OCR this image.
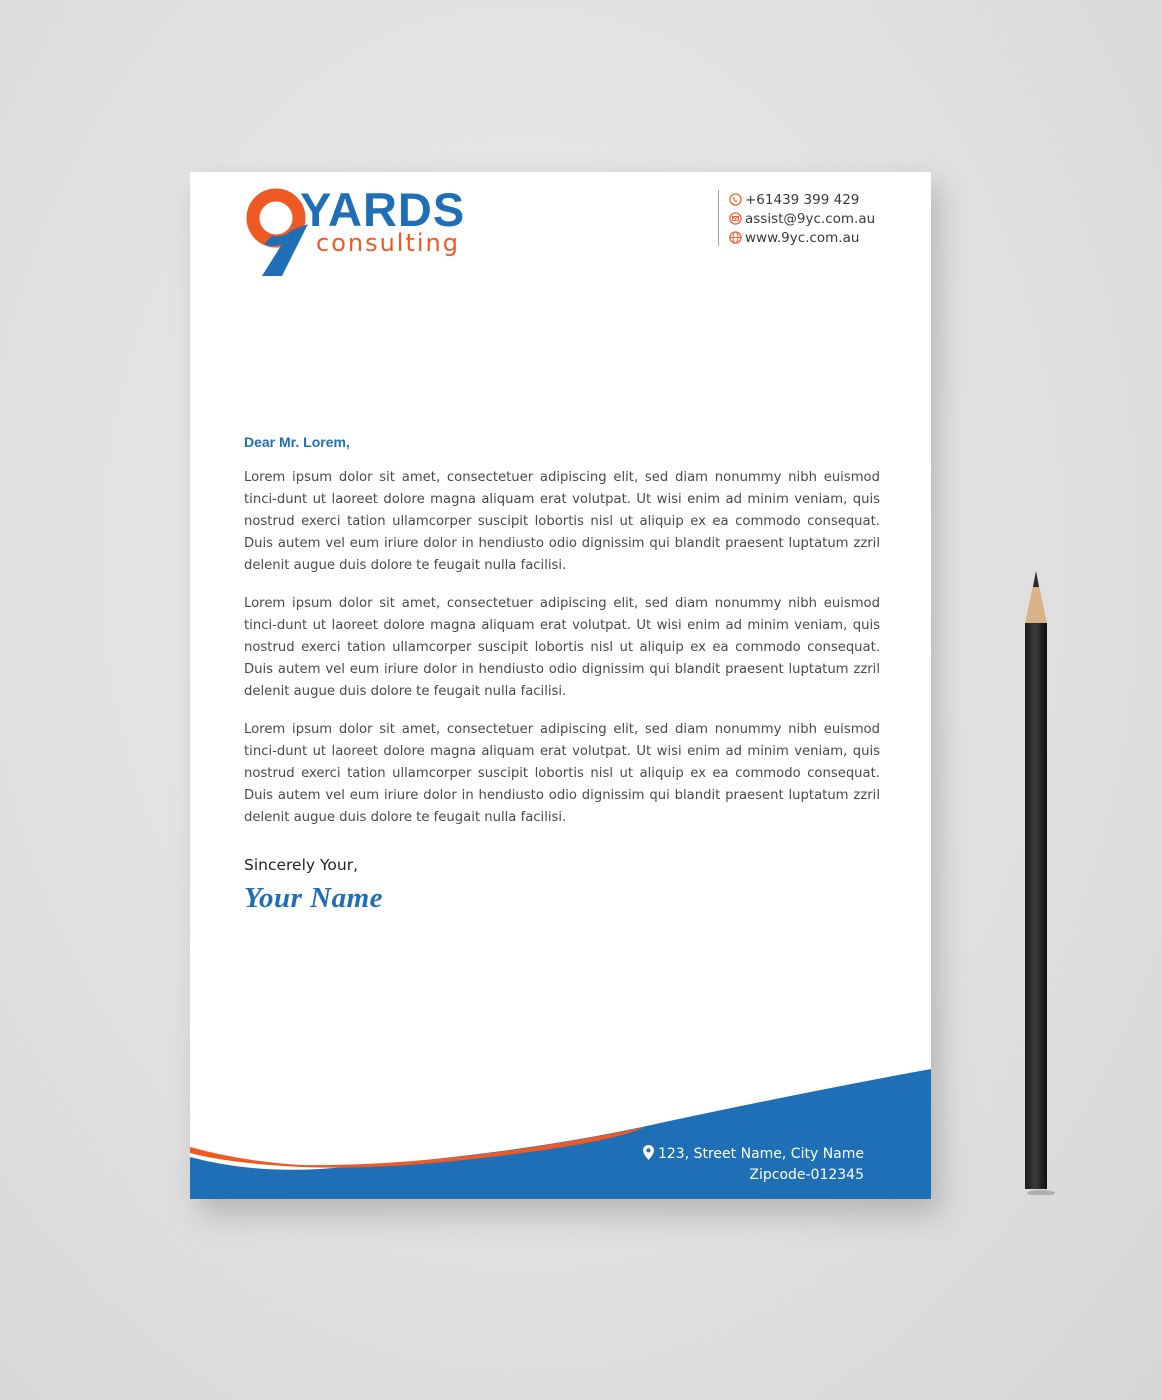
YARDS
consulting
+61439 399 429
assist@9yc.com.au
www.9yc.com.au
Dear Mr. Lorem,

Lorem ipsum dolor sit amet, consectetuer adipiscing elit, sed diam nonummy nibh euismod tinci-dunt ut laoreet dolore magna aliquam erat volutpat. Ut wisi enim ad minim veniam, quis nostrud exerci tation ullamcorper suscipit lobortis nisl ut aliquip ex ea commodo consequat. Duis autem vel eum iriure dolor in hendiusto odio dignissim qui blandit praesent luptatum zzril delenit augue duis dolore te feugait nulla facilisi.

Lorem ipsum dolor sit amet, consectetuer adipiscing elit, sed diam nonummy nibh euismod tinci-dunt ut laoreet dolore magna aliquam erat volutpat. Ut wisi enim ad minim veniam, quis nostrud exerci tation ullamcorper suscipit lobortis nisl ut aliquip ex ea commodo consequat. Duis autem vel eum iriure dolor in hendiusto odio dignissim qui blandit praesent luptatum zzril delenit augue duis dolore te feugait nulla facilisi.

Lorem ipsum dolor sit amet, consectetuer adipiscing elit, sed diam nonummy nibh euismod tinci-dunt ut laoreet dolore magna aliquam erat volutpat. Ut wisi enim ad minim veniam, quis nostrud exerci tation ullamcorper suscipit lobortis nisl ut aliquip ex ea commodo consequat. Duis autem vel eum iriure dolor in hendiusto odio dignissim qui blandit praesent luptatum zzril delenit augue duis dolore te feugait nulla facilisi.

Sincerely Your,
Your Name
123, Street Name, City Name
Zipcode-012345
